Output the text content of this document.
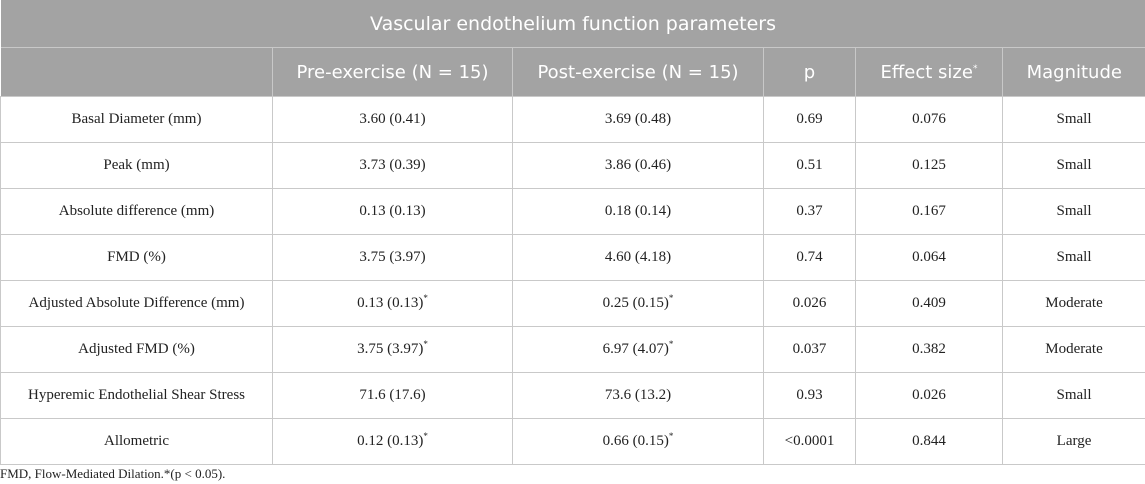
Vascular endothelium function parameters					
	Pre-exercise (N = 15)	Post-exercise (N = 15)	p	Effect size*	Magnitude
Basal Diameter (mm)	3.60 (0.41)	3.69 (0.48)	0.69	0.076	Small
Peak (mm)	3.73 (0.39)	3.86 (0.46)	0.51	0.125	Small
Absolute difference (mm)	0.13 (0.13)	0.18 (0.14)	0.37	0.167	Small
FMD (%)	3.75 (3.97)	4.60 (4.18)	0.74	0.064	Small
Adjusted Absolute Difference (mm)	0.13 (0.13)*	0.25 (0.15)*	0.026	0.409	Moderate
Adjusted FMD (%)	3.75 (3.97)*	6.97 (4.07)*	0.037	0.382	Moderate
Hyperemic Endothelial Shear Stress	71.6 (17.6)	73.6 (13.2)	0.93	0.026	Small
Allometric	0.12 (0.13)*	0.66 (0.15)*	<0.0001	0.844	Large
FMD, Flow-Mediated Dilation.*(p < 0.05).
